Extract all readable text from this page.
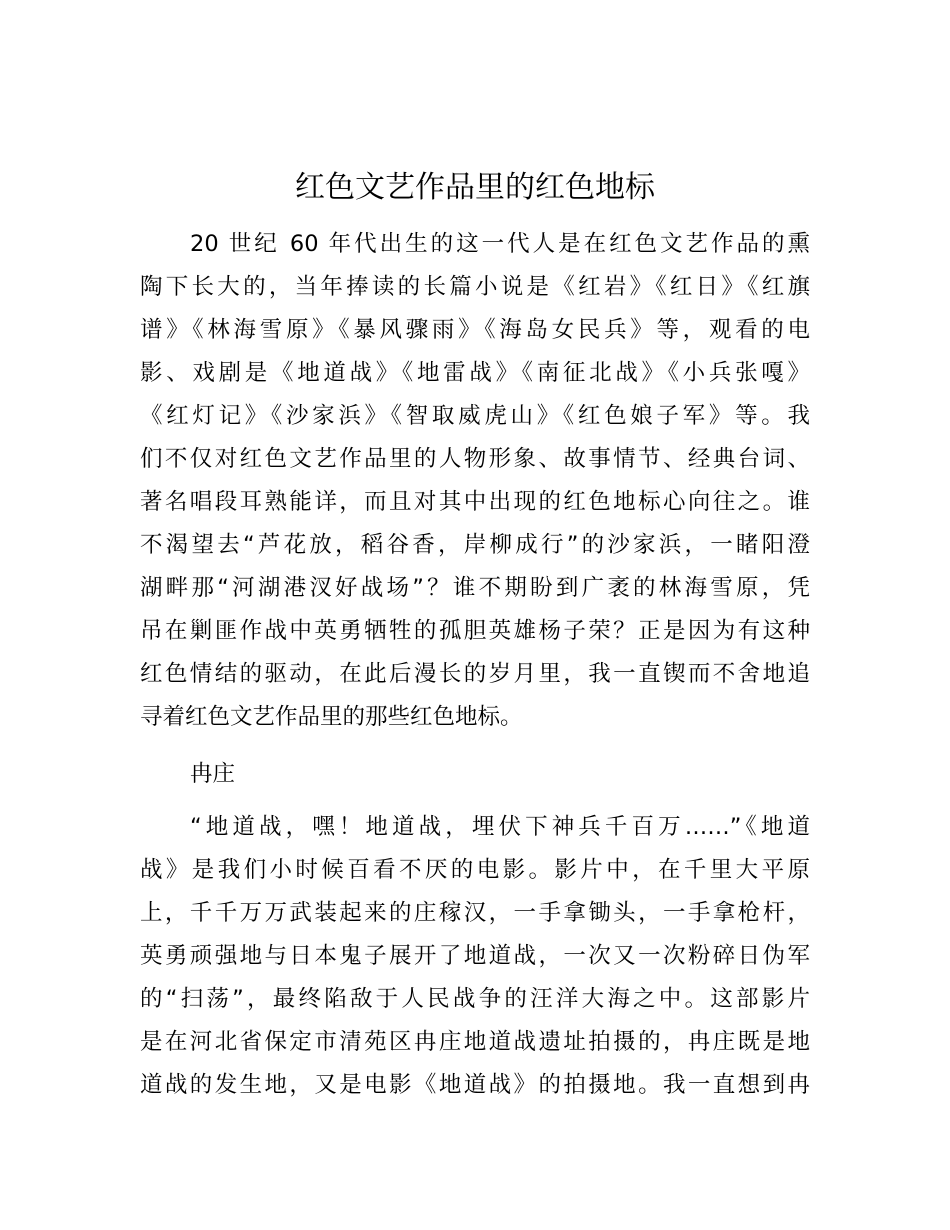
红色文艺作品里的红色地标

20 世纪 60 年代出生的这一代人是在红色文艺作品的熏

陶下长大的，当年捧读的长篇小说是《红岩》《红日》《红旗

谱》《林海雪原》《暴风骤雨》《海岛女民兵》等，观看的电

影、戏剧是《地道战》《地雷战》《南征北战》《小兵张嘎》

《红灯记》《沙家浜》《智取威虎山》《红色娘子军》等。我

们不仅对红色文艺作品里的人物形象、故事情节、经典台词、

著名唱段耳熟能详，而且对其中出现的红色地标心向往之。谁

不渴望去“芦花放，稻谷香，岸柳成行”的沙家浜，一睹阳澄

湖畔那“河湖港汊好战场”？谁不期盼到广袤的林海雪原，凭

吊在剿匪作战中英勇牺牲的孤胆英雄杨子荣？正是因为有这种

红色情结的驱动，在此后漫长的岁月里，我一直锲而不舍地追

寻着红色文艺作品里的那些红色地标。

冉庄

“地道战，嘿！地道战，埋伏下神兵千百万……”《地道

战》是我们小时候百看不厌的电影。影片中，在千里大平原

上，千千万万武装起来的庄稼汉，一手拿锄头，一手拿枪杆，

英勇顽强地与日本鬼子展开了地道战，一次又一次粉碎日伪军

的“扫荡”，最终陷敌于人民战争的汪洋大海之中。这部影片

是在河北省保定市清苑区冉庄地道战遗址拍摄的，冉庄既是地

道战的发生地，又是电影《地道战》的拍摄地。我一直想到冉
